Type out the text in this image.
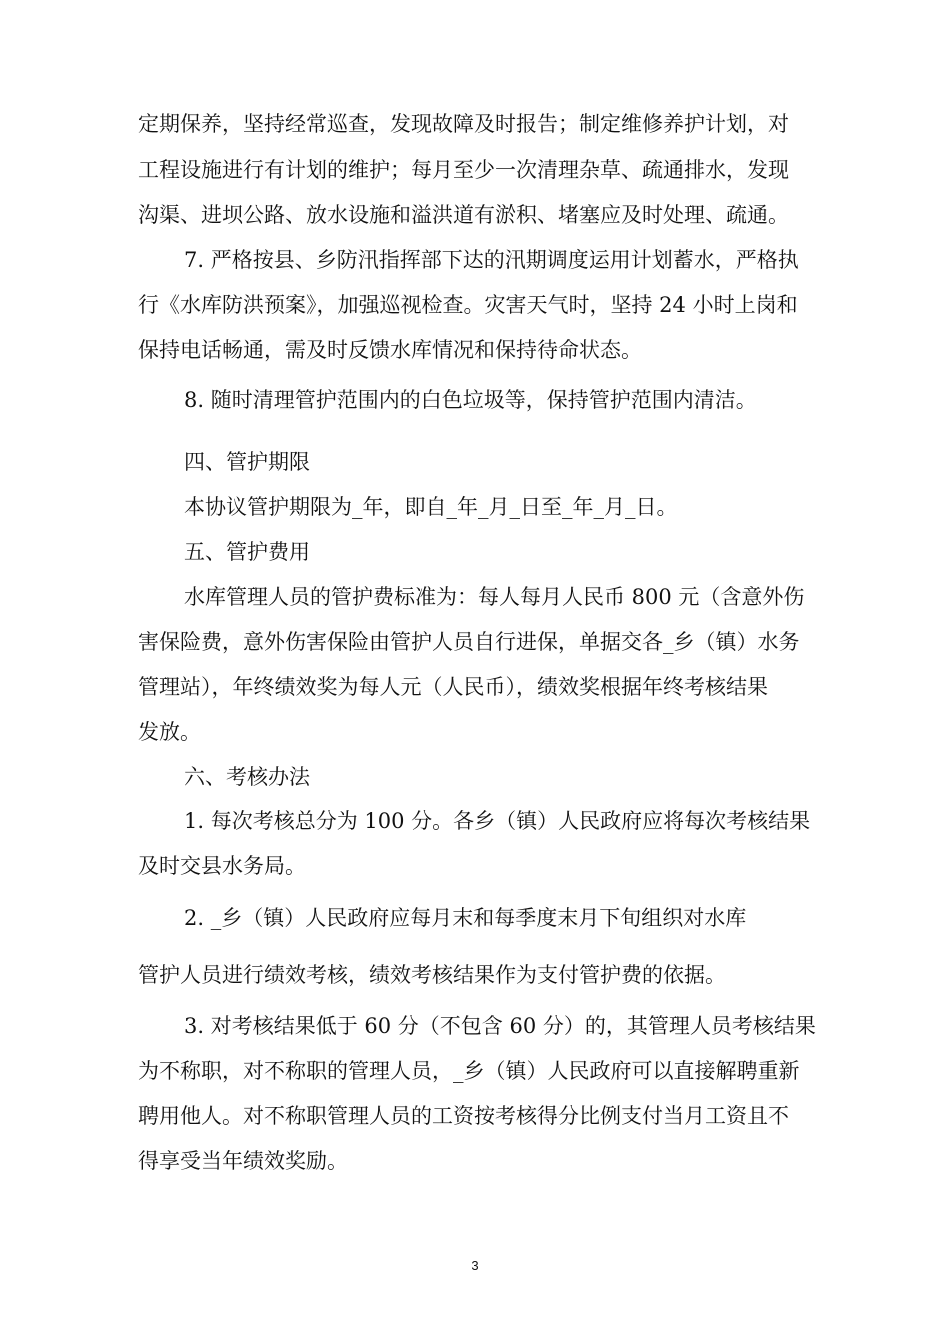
定期保养，坚持经常巡查，发现故障及时报告；制定维修养护计划，对
工程设施进行有计划的维护；每月至少一次清理杂草、疏通排水，发现
沟渠、进坝公路、放水设施和溢洪道有淤积、堵塞应及时处理、疏通。
7. 严格按县、乡防汛指挥部下达的汛期调度运用计划蓄水，严格执
行《水库防洪预案》，加强巡视检查。灾害天气时，坚持 24 小时上岗和
保持电话畅通，需及时反馈水库情况和保持待命状态。
8. 随时清理管护范围内的白色垃圾等，保持管护范围内清洁。
四、管护期限
本协议管护期限为_年，即自_年_月_日至_年_月_日。
五、管护费用
水库管理人员的管护费标准为：每人每月人民币 800 元（含意外伤
害保险费，意外伤害保险由管护人员自行进保，单据交各_乡（镇）水务
管理站），年终绩效奖为每人元（人民币），绩效奖根据年终考核结果
发放。
六、考核办法
1. 每次考核总分为 100 分。各乡（镇）人民政府应将每次考核结果
及时交县水务局。
2. _乡（镇）人民政府应每月末和每季度末月下旬组织对水库
管护人员进行绩效考核，绩效考核结果作为支付管护费的依据。
3. 对考核结果低于 60 分（不包含 60 分）的，其管理人员考核结果
为不称职，对不称职的管理人员，_乡（镇）人民政府可以直接解聘重新
聘用他人。对不称职管理人员的工资按考核得分比例支付当月工资且不
得享受当年绩效奖励。
3
